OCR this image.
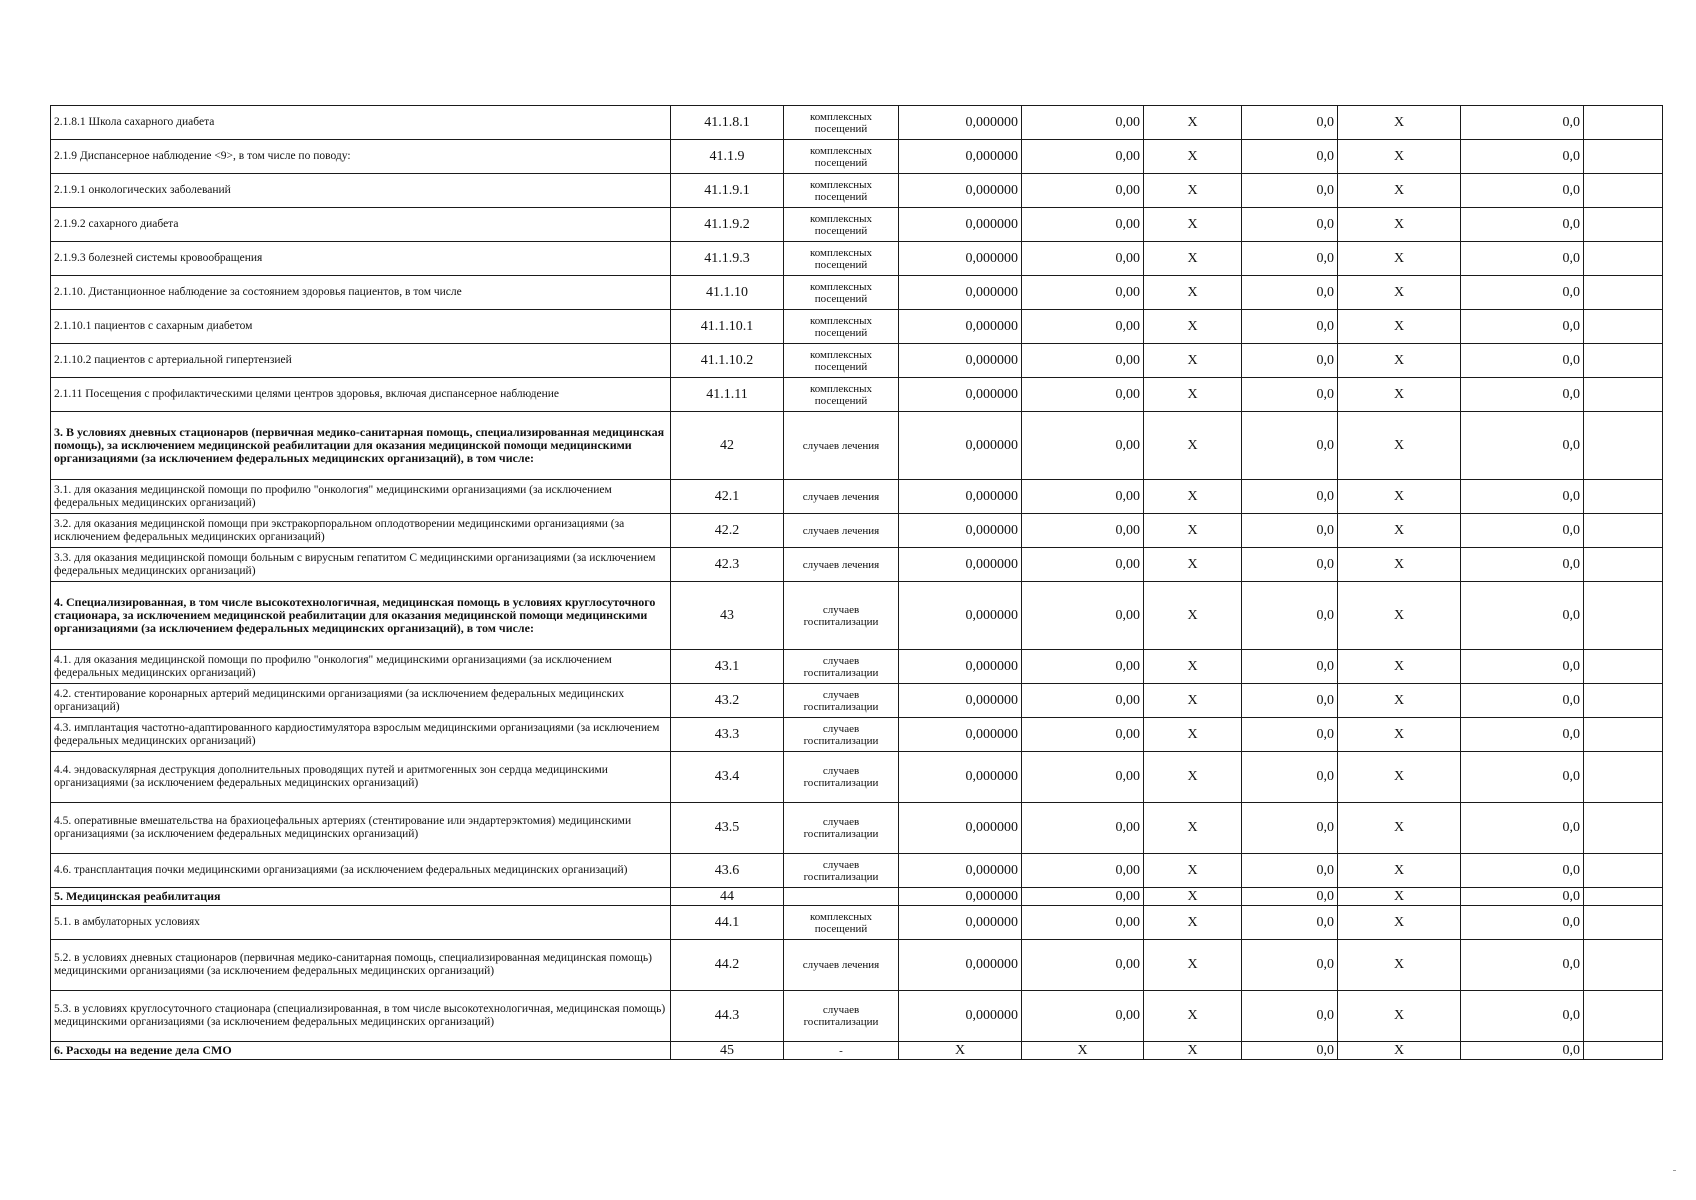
2.1.8.1 Школа сахарного диабета	41.1.8.1	комплексных посещений	0,000000	0,00	X	0,0	X	0,0	
2.1.9 Диспансерное наблюдение <9>, в том числе по поводу:	41.1.9	комплексных посещений	0,000000	0,00	X	0,0	X	0,0	
2.1.9.1 онкологических заболеваний	41.1.9.1	комплексных посещений	0,000000	0,00	X	0,0	X	0,0	
2.1.9.2 сахарного диабета	41.1.9.2	комплексных посещений	0,000000	0,00	X	0,0	X	0,0	
2.1.9.3 болезней системы кровообращения	41.1.9.3	комплексных посещений	0,000000	0,00	X	0,0	X	0,0	
2.1.10. Дистанционное наблюдение за состоянием здоровья пациентов, в том числе	41.1.10	комплексных посещений	0,000000	0,00	X	0,0	X	0,0	
2.1.10.1 пациентов с сахарным диабетом	41.1.10.1	комплексных посещений	0,000000	0,00	X	0,0	X	0,0	
2.1.10.2 пациентов с артериальной гипертензией	41.1.10.2	комплексных посещений	0,000000	0,00	X	0,0	X	0,0	
2.1.11 Посещения с профилактическими целями центров здоровья, включая диспансерное наблюдение	41.1.11	комплексных посещений	0,000000	0,00	X	0,0	X	0,0	
3. В условиях дневных стационаров (первичная медико-санитарная помощь, специализированная медицинская помощь), за исключением медицинской реабилитации для оказания медицинской помощи медицинскими организациями (за исключением федеральных медицинских организаций), в том числе:	42	случаев лечения	0,000000	0,00	X	0,0	X	0,0	
3.1. для оказания медицинской помощи по профилю "онкология" медицинскими организациями (за исключением федеральных медицинских организаций)	42.1	случаев лечения	0,000000	0,00	X	0,0	X	0,0	
3.2. для оказания медицинской помощи при экстракорпоральном оплодотворении медицинскими организациями (за исключением федеральных медицинских организаций)	42.2	случаев лечения	0,000000	0,00	X	0,0	X	0,0	
3.3. для оказания медицинской помощи больным с вирусным гепатитом С медицинскими организациями (за исключением федеральных медицинских организаций)	42.3	случаев лечения	0,000000	0,00	X	0,0	X	0,0	
4. Специализированная, в том числе высокотехнологичная, медицинская помощь в условиях круглосуточного стационара, за исключением медицинской реабилитации для оказания медицинской помощи медицинскими организациями (за исключением федеральных медицинских организаций), в том числе:	43	случаев госпитализации	0,000000	0,00	X	0,0	X	0,0	
4.1. для оказания медицинской помощи по профилю "онкология" медицинскими организациями (за исключением федеральных медицинских организаций)	43.1	случаев госпитализации	0,000000	0,00	X	0,0	X	0,0	
4.2. стентирование коронарных артерий медицинскими организациями (за исключением федеральных медицинских организаций)	43.2	случаев госпитализации	0,000000	0,00	X	0,0	X	0,0	
4.3. имплантация частотно-адаптированного кардиостимулятора взрослым медицинскими организациями (за исключением федеральных медицинских организаций)	43.3	случаев госпитализации	0,000000	0,00	X	0,0	X	0,0	
4.4. эндоваскулярная деструкция дополнительных проводящих путей и аритмогенных зон сердца медицинскими организациями (за исключением федеральных медицинских организаций)	43.4	случаев госпитализации	0,000000	0,00	X	0,0	X	0,0	
4.5. оперативные вмешательства на брахиоцефальных артериях (стентирование или эндартерэктомия) медицинскими организациями (за исключением федеральных медицинских организаций)	43.5	случаев госпитализации	0,000000	0,00	X	0,0	X	0,0	
4.6. трансплантация почки медицинскими организациями (за исключением федеральных медицинских организаций)	43.6	случаев госпитализации	0,000000	0,00	X	0,0	X	0,0	
5. Медицинская реабилитация	44		0,000000	0,00	X	0,0	X	0,0	
5.1. в амбулаторных условиях	44.1	комплексных посещений	0,000000	0,00	X	0,0	X	0,0	
5.2. в условиях дневных стационаров (первичная медико-санитарная помощь, специализированная медицинская помощь) медицинскими организациями (за исключением федеральных медицинских организаций)	44.2	случаев лечения	0,000000	0,00	X	0,0	X	0,0	
5.3. в условиях круглосуточного стационара (специализированная, в том числе высокотехнологичная, медицинская помощь) медицинскими организациями (за исключением федеральных медицинских организаций)	44.3	случаев госпитализации	0,000000	0,00	X	0,0	X	0,0	
6. Расходы на ведение дела СМО	45	-	X	X	X	0,0	X	0,0	
